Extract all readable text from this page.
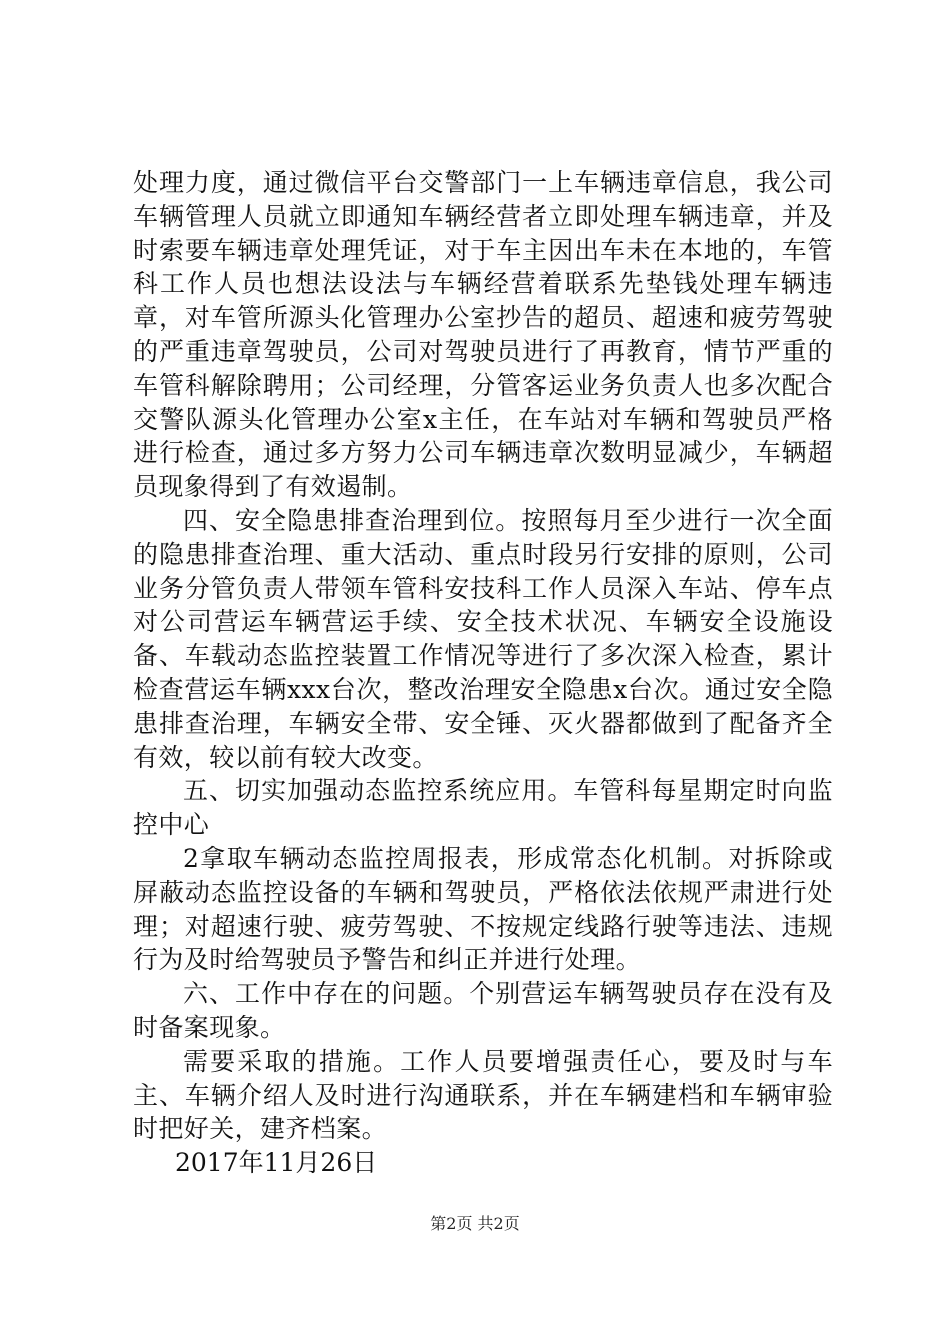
处理力度，通过微信平台交警部门一上车辆违章信息，我公司车辆管理人员就立即通知车辆经营者立即处理车辆违章，并及时索要车辆违章处理凭证，对于车主因出车未在本地的，车管科工作人员也想法设法与车辆经营着联系先垫钱处理车辆违章，对车管所源头化管理办公室抄告的超员、超速和疲劳驾驶的严重违章驾驶员，公司对驾驶员进行了再教育，情节严重的车管科解除聘用；公司经理，分管客运业务负责人也多次配合交警队源头化管理办公室x主任，在车站对车辆和驾驶员严格进行检查，通过多方努力公司车辆违章次数明显减少，车辆超员现象得到了有效遏制。

四、安全隐患排查治理到位。按照每月至少进行一次全面的隐患排查治理、重大活动、重点时段另行安排的原则，公司业务分管负责人带领车管科安技科工作人员深入车站、停车点对公司营运车辆营运手续、安全技术状况、车辆安全设施设备、车载动态监控装置工作情况等进行了多次深入检查，累计检查营运车辆xxx台次，整改治理安全隐患x台次。通过安全隐患排查治理，车辆安全带、安全锤、灭火器都做到了配备齐全有效，较以前有较大改变。

五、切实加强动态监控系统应用。车管科每星期定时向监控中心

2拿取车辆动态监控周报表，形成常态化机制。对拆除或屏蔽动态监控设备的车辆和驾驶员，严格依法依规严肃进行处理；对超速行驶、疲劳驾驶、不按规定线路行驶等违法、违规行为及时给驾驶员予警告和纠正并进行处理。

六、工作中存在的问题。个别营运车辆驾驶员存在没有及时备案现象。

需要采取的措施。工作人员要增强责任心，要及时与车主、车辆介绍人及时进行沟通联系，并在车辆建档和车辆审验时把好关，建齐档案。

2017年11月26日

第2页 共2页
